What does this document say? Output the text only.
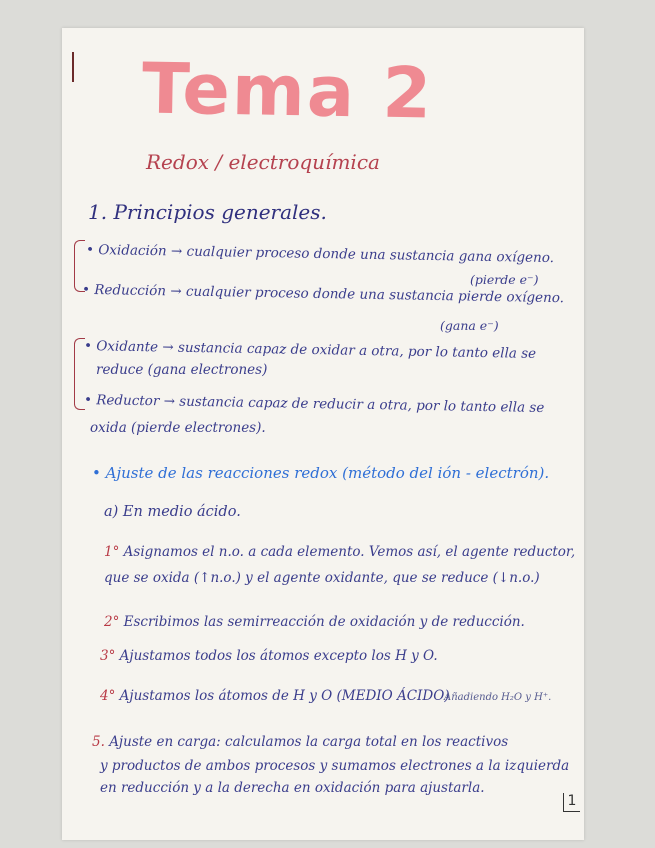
Tema 2
Redox / electroquímica
1. Principios generales.
• Oxidación → cualquier proceso donde una sustancia gana oxígeno.
(pierde e⁻)
• Reducción → cualquier proceso donde una sustancia pierde oxígeno.
(gana e⁻)
• Oxidante → sustancia capaz de oxidar a otra, por lo tanto ella se
reduce (gana electrones)
• Reductor → sustancia capaz de reducir a otra, por lo tanto ella se
oxida (pierde electrones).
• Ajuste de las reacciones redox (método del ión - electrón).
a) En medio ácido.
1° Asignamos el n.o. a cada elemento. Vemos así, el agente reductor,
que se oxida (↑n.o.) y el agente oxidante, que se reduce (↓n.o.)
2° Escribimos las semirreacción de oxidación y de reducción.
3° Ajustamos todos los átomos excepto los H y O.
4° Ajustamos los átomos de H y O (MEDIO ÁCIDO)
Añadiendo H₂O y H⁺.
5. Ajuste en carga: calculamos la carga total en los reactivos
y productos de ambos procesos y sumamos electrones a la izquierda
en reducción y a la derecha en oxidación para ajustarla.
1
